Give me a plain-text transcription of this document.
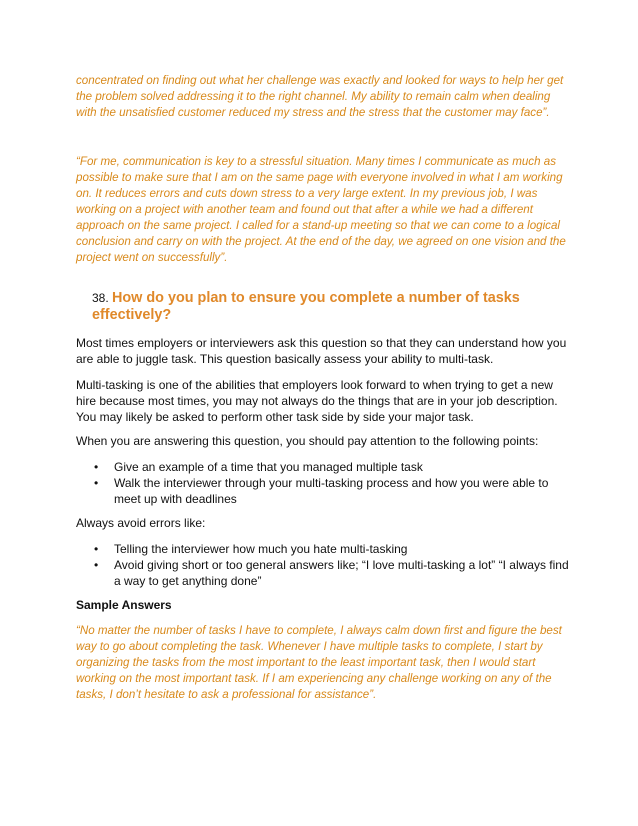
concentrated on finding out what her challenge was exactly and looked for ways to help her get the problem solved addressing it to the right channel. My ability to remain calm when dealing with the unsatisfied customer reduced my stress and the stress that the customer may face”.

“For me, communication is key to a stressful situation. Many times I communicate as much as possible to make sure that I am on the same page with everyone involved in what I am working on. It reduces errors and cuts down stress to a very large extent. In my previous job, I was working on a project with another team and found out that after a while we had a different approach on the same project. I called for a stand-up meeting so that we can come to a logical conclusion and carry on with the project. At the end of the day, we agreed on one vision and the project went on successfully”.

38. How do you plan to ensure you complete a number of tasks effectively?

Most times employers or interviewers ask this question so that they can understand how you are able to juggle task. This question basically assess your ability to multi-task.

Multi-tasking is one of the abilities that employers look forward to when trying to get a new hire because most times, you may not always do the things that are in your job description. You may likely be asked to perform other task side by side your major task.

When you are answering this question, you should pay attention to the following points:

• Give an example of a time that you managed multiple task
• Walk the interviewer through your multi-tasking process and how you were able to meet up with deadlines

Always avoid errors like:

• Telling the interviewer how much you hate multi-tasking
• Avoid giving short or too general answers like; “I love multi-tasking a lot” “I always find a way to get anything done”

Sample Answers

“No matter the number of tasks I have to complete, I always calm down first and figure the best way to go about completing the task. Whenever I have multiple tasks to complete, I start by organizing the tasks from the most important to the least important task, then I would start working on the most important task. If I am experiencing any challenge working on any of the tasks, I don’t hesitate to ask a professional for assistance”.
